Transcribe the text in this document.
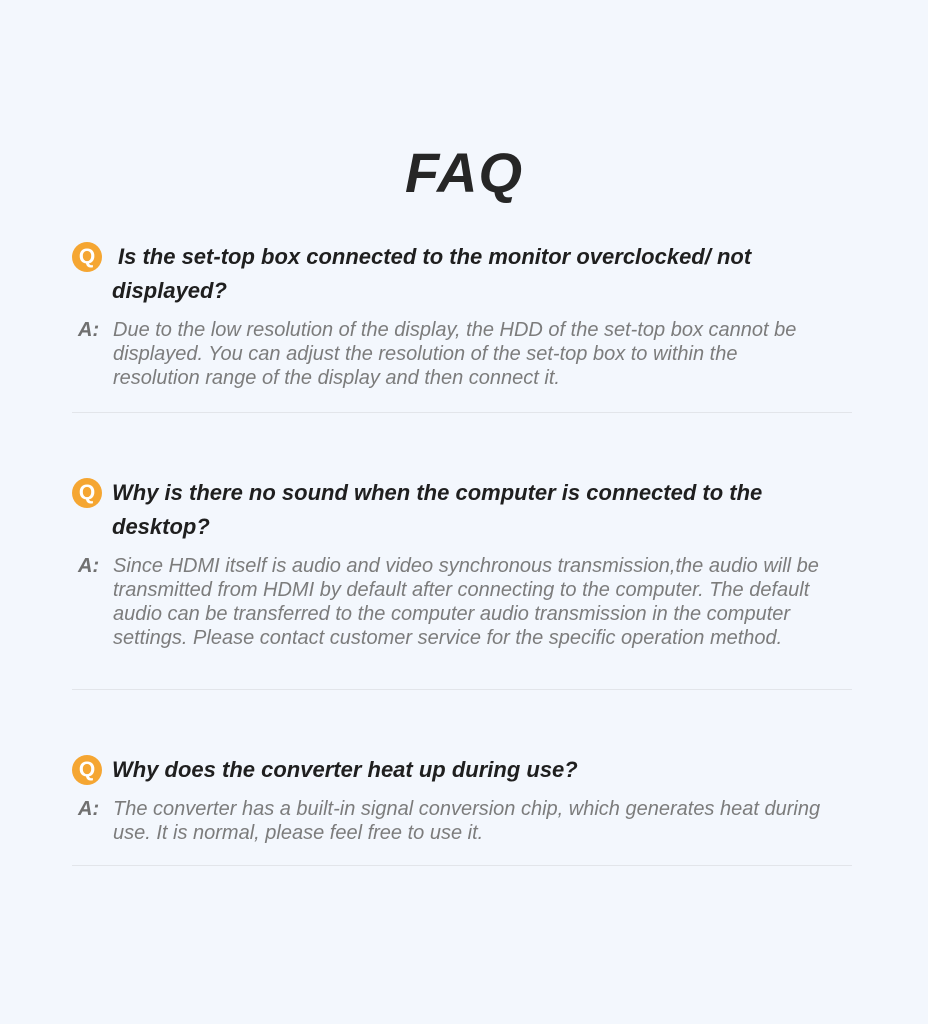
FAQ
Q	Is the set-top box connected to the monitor overclocked/ not displayed?
A: Due to the low resolution of the display, the HDD of the set-top box cannot be displayed. You can adjust the resolution of the set-top box to within the resolution range of the display and then connect it.
Q Why is there no sound when the computer is connected to the desktop?
A: Since HDMI itself is audio and video synchronous transmission,the audio will be transmitted from HDMI by default after connecting to the computer. The default audio can be transferred to the computer audio transmission in the computer settings. Please contact customer service for the specific operation method.
Q Why does the converter heat up during use?
A: The converter has a built-in signal conversion chip, which generates heat during use. It is normal, please feel free to use it.
